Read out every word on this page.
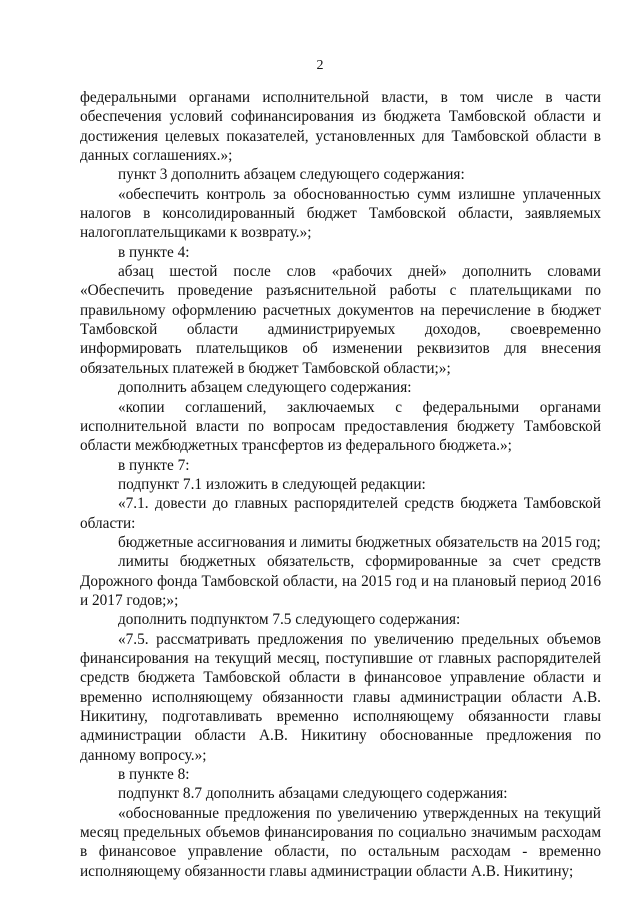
2

федеральными органами исполнительной власти, в том числе в части обеспечения условий софинансирования из бюджета Тамбовской области и достижения целевых показателей, установленных для Тамбовской области в данных соглашениях.»;

пункт 3 дополнить абзацем следующего содержания:

«обеспечить контроль за обоснованностью сумм излишне уплаченных налогов в консолидированный бюджет Тамбовской области, заявляемых налогоплательщиками к возврату.»;

в пункте 4:

абзац шестой после слов «рабочих дней» дополнить словами «Обеспечить проведение разъяснительной работы с плательщиками по правильному оформлению расчетных документов на перечисление в бюджет Тамбовской области администрируемых доходов, своевременно информировать плательщиков об изменении реквизитов для внесения обязательных платежей в бюджет Тамбовской области;»;

дополнить абзацем следующего содержания:

«копии соглашений, заключаемых с федеральными органами исполнительной власти по вопросам предоставления бюджету Тамбовской области межбюджетных трансфертов из федерального бюджета.»;

в пункте 7:

подпункт 7.1 изложить в следующей редакции:

«7.1. довести до главных распорядителей средств бюджета Тамбовской области:

бюджетные ассигнования и лимиты бюджетных обязательств на 2015 год;

лимиты бюджетных обязательств, сформированные за счет средств Дорожного фонда Тамбовской области, на 2015 год и на плановый период 2016 и 2017 годов;»;

дополнить подпунктом 7.5 следующего содержания:

«7.5. рассматривать предложения по увеличению предельных объемов финансирования на текущий месяц, поступившие от главных распорядителей средств бюджета Тамбовской области в финансовое управление области и временно исполняющему обязанности главы администрации области А.В. Никитину, подготавливать временно исполняющему обязанности главы администрации области А.В. Никитину обоснованные предложения по данному вопросу.»;

в пункте 8:

подпункт 8.7 дополнить абзацами следующего содержания:

«обоснованные предложения по увеличению утвержденных на текущий месяц предельных объемов финансирования по социально значимым расходам в финансовое управление области, по остальным расходам - временно исполняющему обязанности главы администрации области А.В. Никитину;
